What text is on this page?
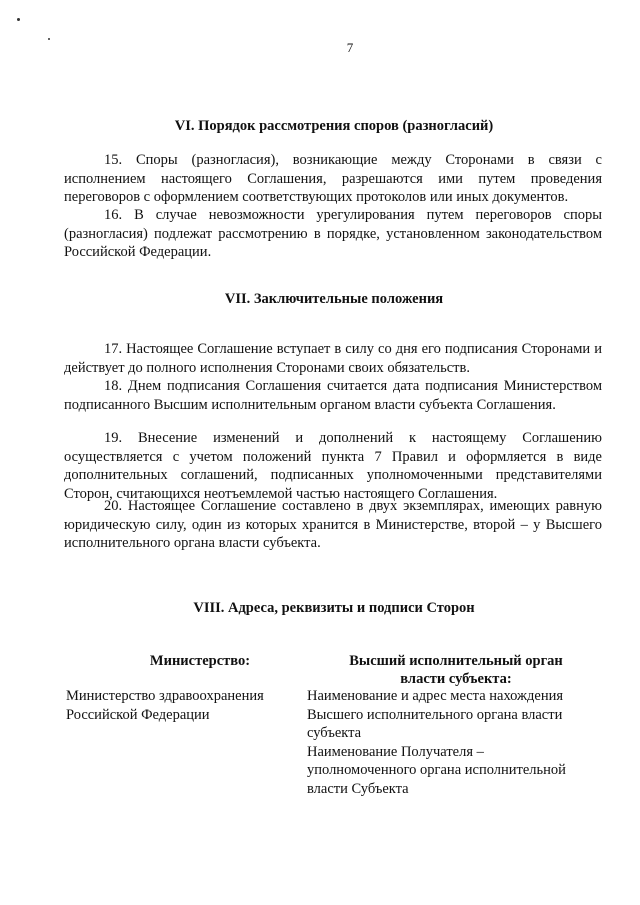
7
VI. Порядок рассмотрения споров (разногласий)
15. Споры (разногласия), возникающие между Сторонами в связи с исполнением настоящего Соглашения, разрешаются ими путем проведения переговоров с оформлением соответствующих протоколов или иных документов.
16. В случае невозможности урегулирования путем переговоров споры (разногласия) подлежат рассмотрению в порядке, установленном законодательством Российской Федерации.
VII. Заключительные положения
17. Настоящее Соглашение вступает в силу со дня его подписания Сторонами и действует до полного исполнения Сторонами своих обязательств.
18. Днем подписания Соглашения считается дата подписания Министерством подписанного Высшим исполнительным органом власти субъекта Соглашения.
19. Внесение изменений и дополнений к настоящему Соглашению осуществляется с учетом положений пункта 7 Правил и оформляется в виде дополнительных соглашений, подписанных уполномоченными представителями Сторон, считающихся неотъемлемой частью настоящего Соглашения.
20. Настоящее Соглашение составлено в двух экземплярах, имеющих равную юридическую силу, один из которых хранится в Министерстве, второй – у Высшего исполнительного органа власти субъекта.
VIII. Адреса, реквизиты и подписи Сторон
Министерство:	Высший исполнительный орган
власти субъекта:
Министерство здравоохранения
Российской Федерации
Наименование и адрес места нахождения
Высшего исполнительного органа власти
субъекта
Наименование Получателя –
уполномоченного органа исполнительной
власти Субъекта
